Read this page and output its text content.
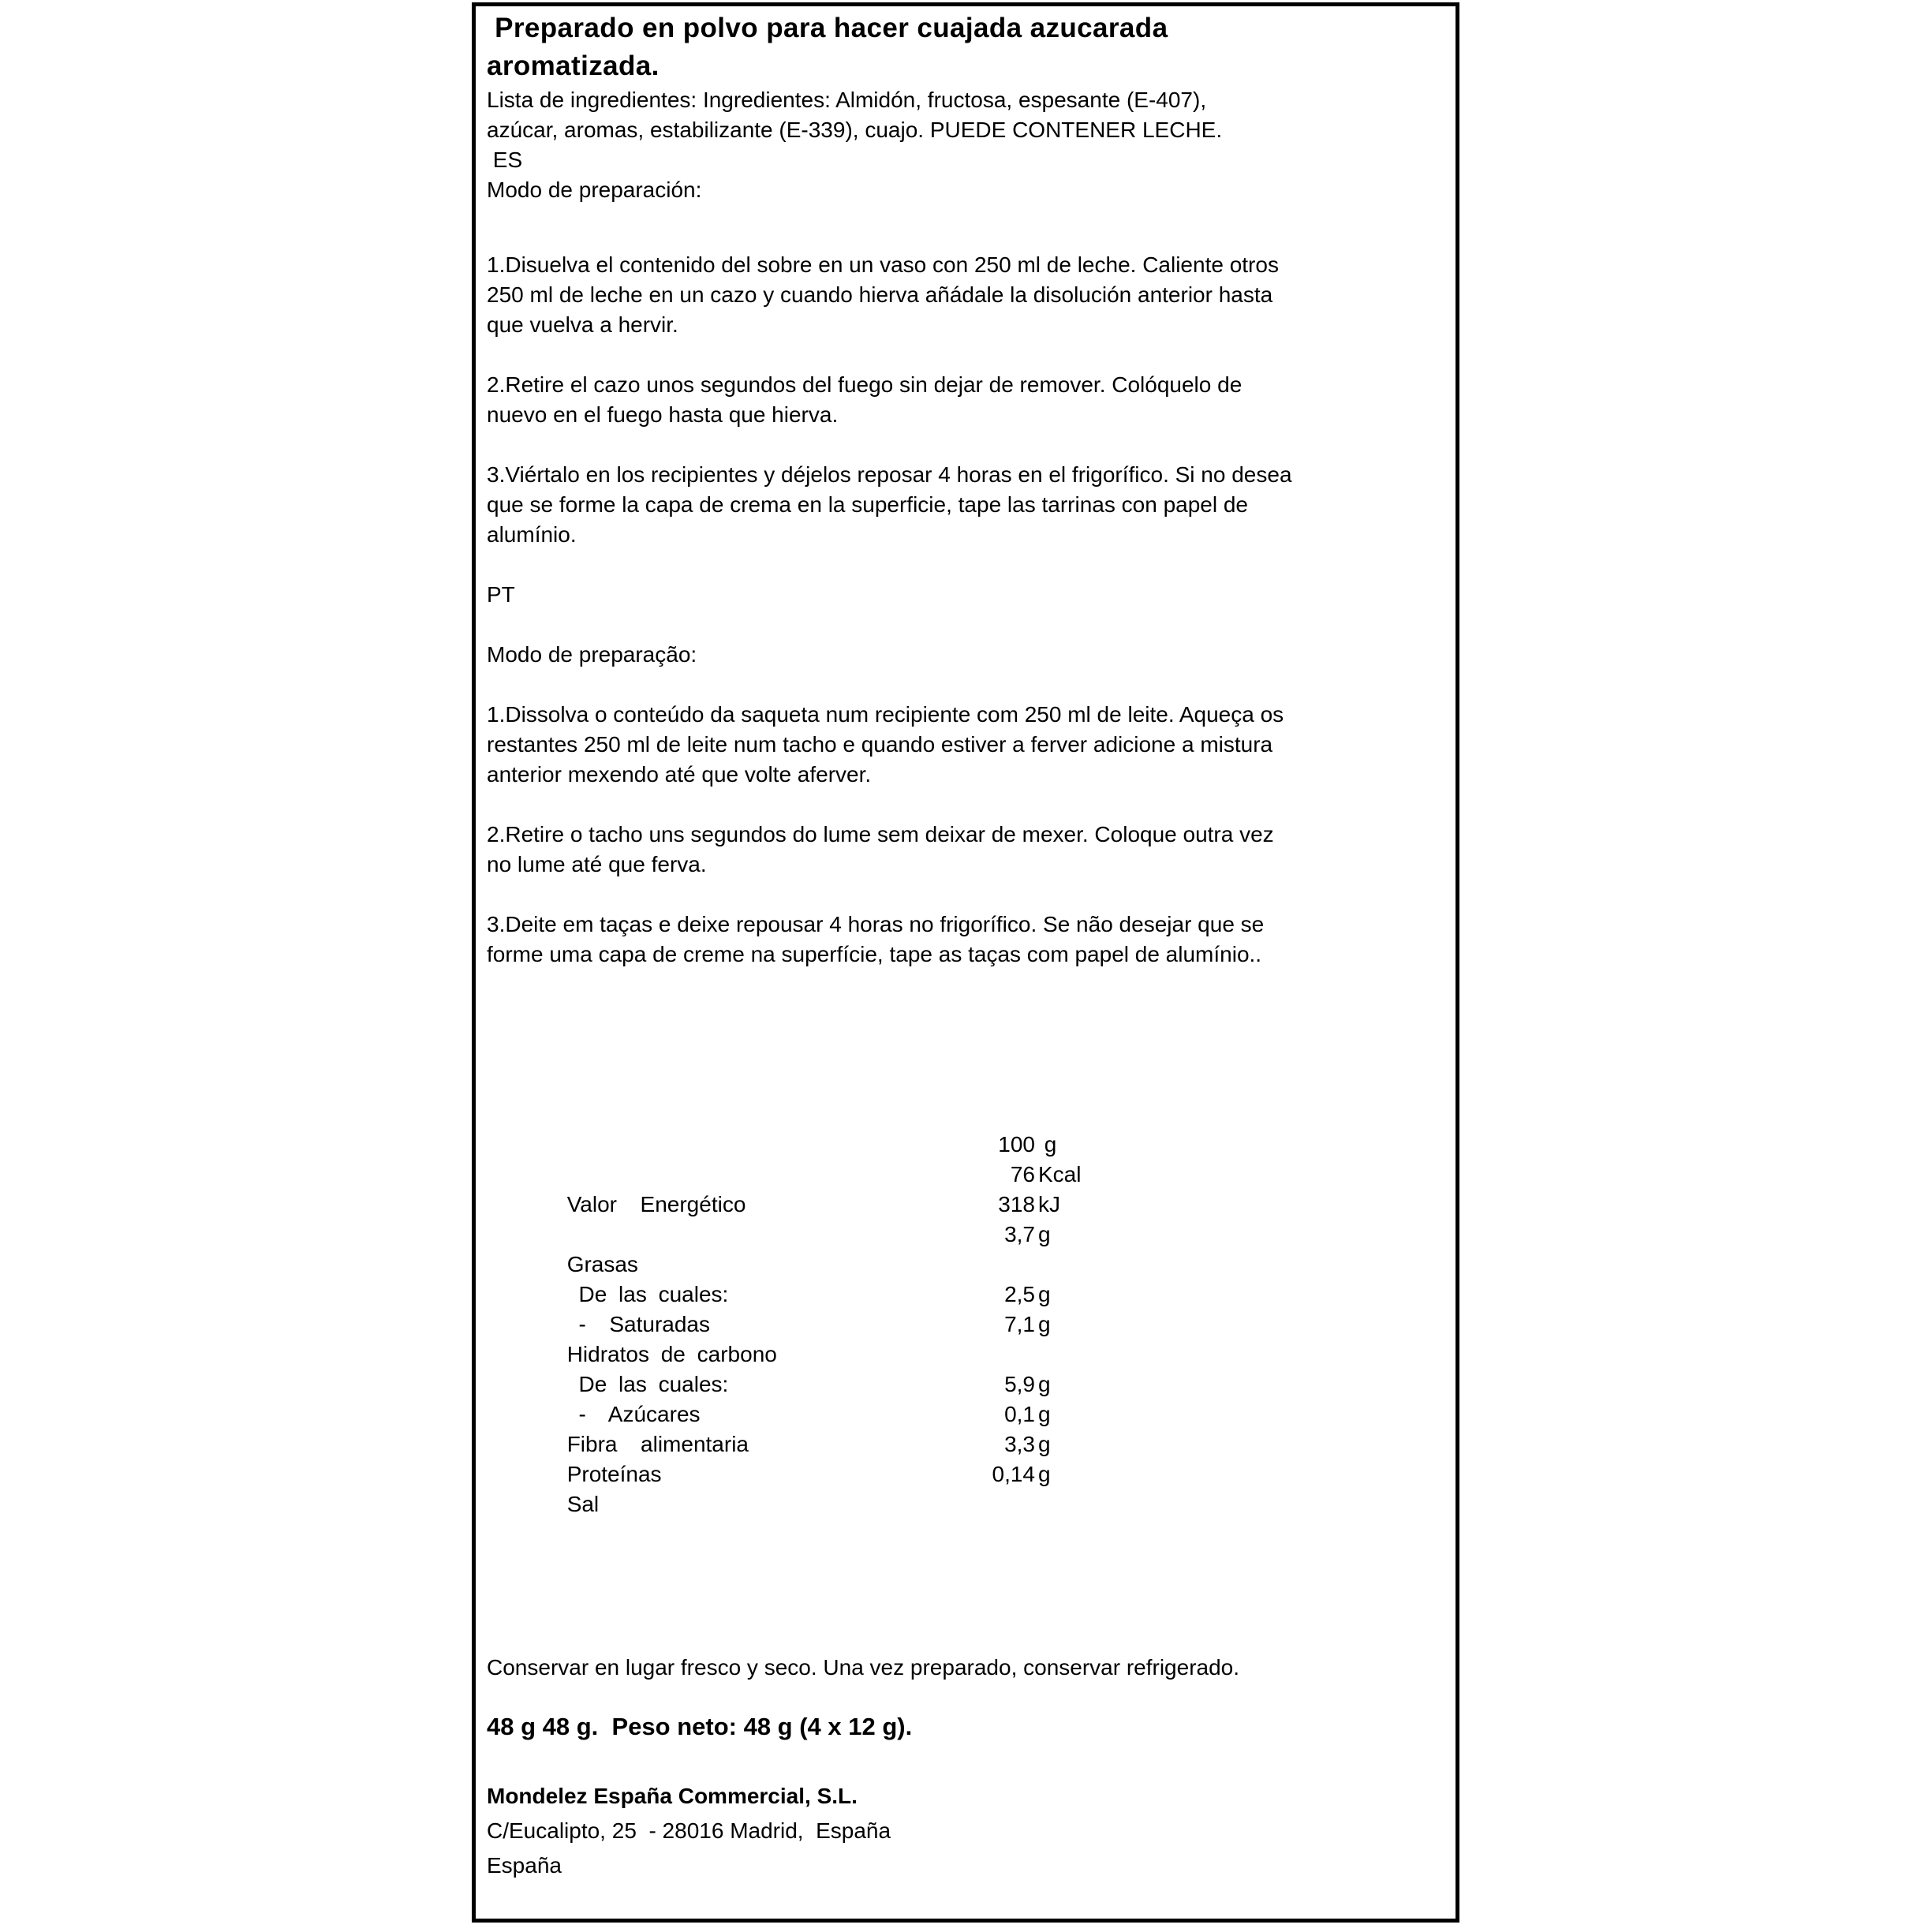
Preparado en polvo para hacer cuajada azucarada
aromatizada.
Lista de ingredientes: Ingredientes: Almidón, fructosa, espesante (E-407),
azúcar, aromas, estabilizante (E-339), cuajo. PUEDE CONTENER LECHE.
ES
Modo de preparación:
1.Disuelva el contenido del sobre en un vaso con 250 ml de leche. Caliente otros
250 ml de leche en un cazo y cuando hierva añádale la disolución anterior hasta
que vuelva a hervir.
2.Retire el cazo unos segundos del fuego sin dejar de remover. Colóquelo de
nuevo en el fuego hasta que hierva.
3.Viértalo en los recipientes y déjelos reposar 4 horas en el frigorífico. Si no desea
que se forme la capa de crema en la superficie, tape las tarrinas con papel de
alumínio.
PT
Modo de preparação:
1.Dissolva o conteúdo da saqueta num recipiente com 250 ml de leite. Aqueça os
restantes 250 ml de leite num tacho e quando estiver a ferver adicione a mistura
anterior mexendo até que volte aferver.
2.Retire o tacho uns segundos do lume sem deixar de mexer. Coloque outra vez
no lume até que ferva.
3.Deite em taças e deixe repousar 4 horas no frigorífico. Se não desejar que se
forme uma capa de creme na superfície, tape as taças com papel de alumínio..

100 g

Valor  Energético

76 Kcal

318 kJ

Grasas

3,7 g

De las cuales:

-  Saturadas

2,5 g

Hidratos de carbono

7,1 g

De las cuales:

-  Azúcares

5,9 g

Fibra  alimentaria

0,1 g

Proteínas

3,3 g

Sal

0,14 g

Conservar en lugar fresco y seco. Una vez preparado, conservar refrigerado.
48 g 48 g.  Peso neto: 48 g (4 x 12 g).
Mondelez España Commercial, S.L.
C/Eucalipto, 25  - 28016 Madrid,  España
España
